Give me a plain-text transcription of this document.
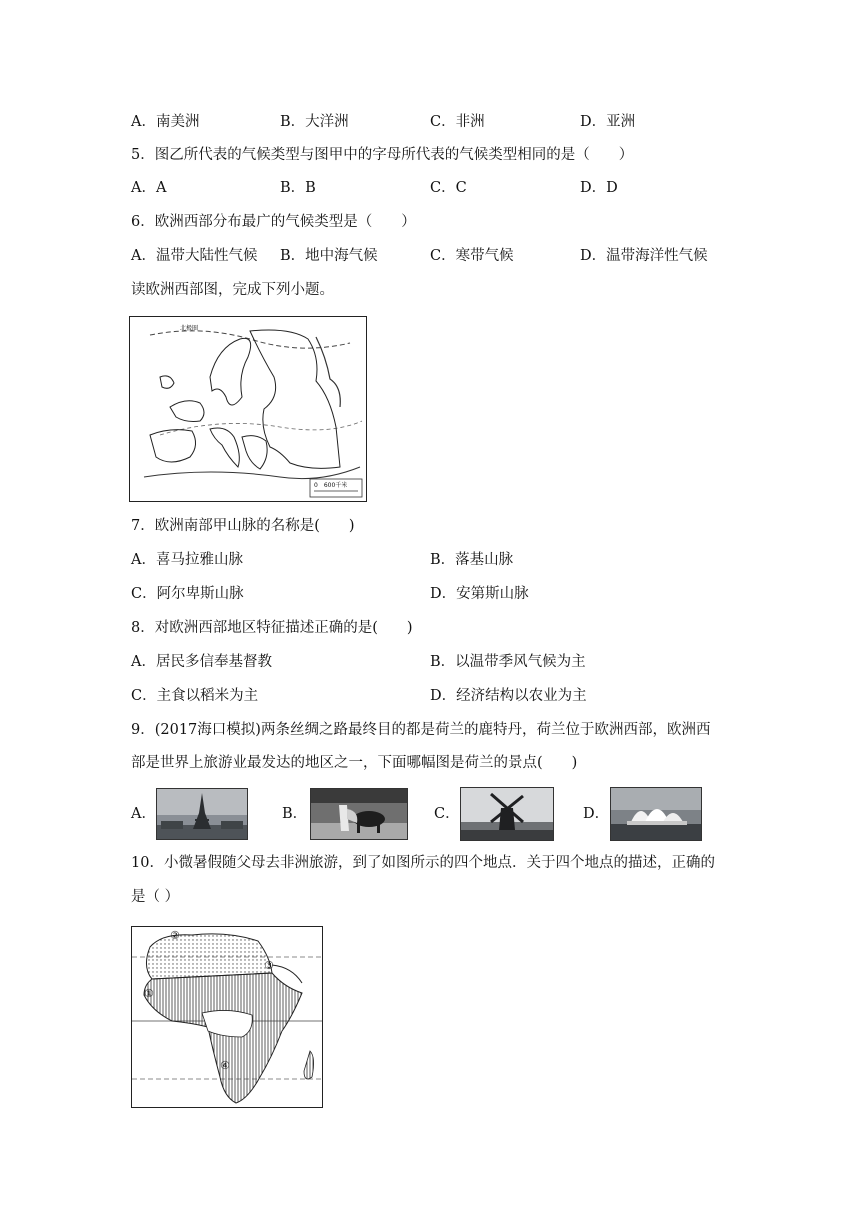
A．南美洲	B．大洋洲	C．非洲	D．亚洲
5．图乙所代表的气候类型与图甲中的字母所代表的气候类型相同的是（　　）
A．A	B．B	C．C	D．D
6．欧洲西部分布最广的气候类型是（　　）
A．温带大陆性气候 B．地中海气候	C．寒带气候	D．温带海洋性气候
读欧洲西部图，完成下列小题。
北极圈
0　600千米
7．欧洲南部甲山脉的名称是(　　)
A．喜马拉雅山脉	B．落基山脉
C．阿尔卑斯山脉	D．安第斯山脉
8．对欧洲西部地区特征描述正确的是(　　)
A．居民多信奉基督教	B．以温带季风气候为主
C．主食以稻米为主	D．经济结构以农业为主
9．(2017海口模拟)两条丝绸之路最终目的都是荷兰的鹿特丹，荷兰位于欧洲西部，欧洲西
部是世界上旅游业最发达的地区之一，下面哪幅图是荷兰的景点(　　)
A．	B．	C．	D．
10．小微暑假随父母去非洲旅游，到了如图所示的四个地点．关于四个地点的描述，正确的
是（ ）
①
②
③
④
